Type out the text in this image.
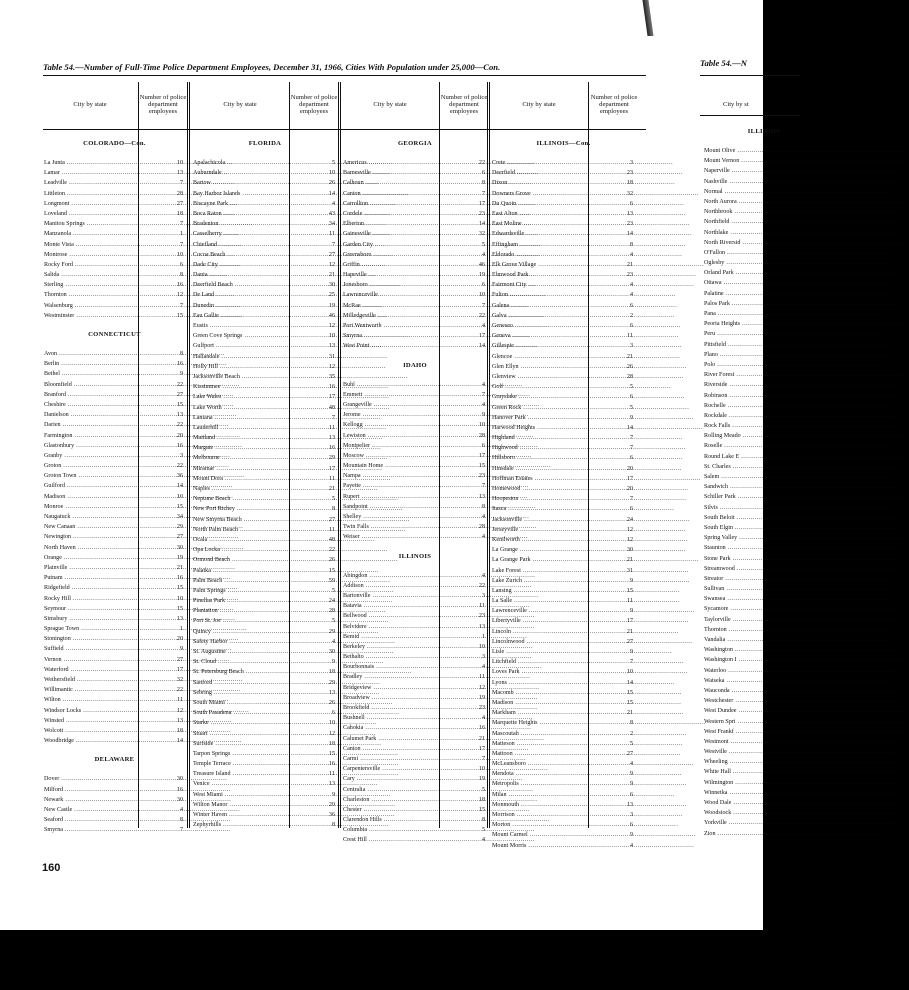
Table 54.—Number of Full-Time Police Department Employees, December 31, 1966, Cities With Population under 25,000—Con.
City by state
Number of police department employees
City by state
Number of police department employees
City by state
Number of police department employees
City by state
Number of police department employees
COLORADO—Con.
La Junta .....	10
Lamar .....	13
Leadville .....	7
Littleton .....	28
Longmont .....	27
Loveland .....	18
Manitou Springs .....	7
Manzanola .....	1
Monte Vista .....	7
Montrose .....	10
Rocky Ford .....	6
Salida .....	8
Sterling .....	16
Thornton .....	12
Walsenburg .....	7
Westminster .....	15
CONNECTICUT
Avon .....	8
Berlin .....	16
Bethel .....	9
Bloomfield .....	22
Branford .....	27
Cheshire .....	15
Danielson .....	13
Darien .....	22
Farmington .....	20
Glastonbury .....	16
Granby .....	3
Groton .....	22
Groton Town .....	36
Guilford .....	14
Madison .....	10
Monroe .....	15
Naugatuck .....	34
New Canaan .....	29
Newington .....	27
North Haven .....	30
Orange .....	19
Plainville .....	21
Putnam .....	16
Ridgefield .....	15
Rocky Hill .....	10
Seymour .....	15
Simsbury .....	13
Sprague Town .....	1
Stonington .....	20
Suffield .....	9
Vernon .....	27
Waterford .....	17
Wethersfield .....	32
Willimantic .....	22
Wilton .....	11
Windsor Locks .....	12
Winsted .....	13
Wolcott .....	18
Woodbridge .....	14
DELAWARE
Dover .....	30
Milford .....	16
Newark .....	30
New Castle .....	4
Seaford .....	8
Smyrna .....	7
FLORIDA
Apalachicola .....	5
Auburndale .....	10
Bartow .....	26
Bay Harbor Islands .....	14
Biscayne Park .....	4
Boca Raton .....	43
Bradenton .....	34
Casselberry .....	11
Chiefland .....	7
Cocoa Beach .....	27
Dade City .....	12
Dania .....	21
Deerfield Beach .....	30
De Land .....	25
Dunedin .....	19
Eau Gallie .....	46
Eustis .....	12
Green Cove Springs .....	10
Gulfport .....	13
Hallandale .....	31
Holly Hill .....	12
Jacksonville Beach .....	35
Kissimmee .....	16
Lake Wales .....	17
Lake Worth .....	48
Lantana .....	7
Lauderhill .....	11
Maitland .....	13
Margate .....	16
Melbourne .....	29
Miramar .....	17
Mount Dora .....	11
Naples .....	21
Neptune Beach .....	5
New Port Richey .....	8
New Smyrna Beach .....	27
North Palm Beach .....	11
Ocala .....	48
Opa Locka .....	22
Ormond Beach .....	26
Palatka .....	15
Palm Beach .....	59
Palm Springs .....	5
Pinellas Park .....	24
Plantation .....	28
Port St. Joe .....	5
Quincy .....	29
Safety Harbor .....	4
St. Augustine .....	30
St. Cloud .....	9
St. Petersburg Beach .....	18
Sanford .....	29
Sebring .....	13
South Miami .....	26
South Pasadena .....	6
Starke .....	10
Stuart .....	12
Surfside .....	18
Tarpon Springs .....	15
Temple Terrace .....	16
Treasure Island .....	11
Venice .....	13
West Miami .....	9
Wilton Manor .....	20
Winter Haven .....	36
Zephyrhills .....	8
GEORGIA
Americus .....	22
Barnesville .....	6
Calhoun .....	8
Canton .....	7
Carrollton .....	17
Cordele .....	23
Elberton .....	14
Gainesville .....	32
Garden City .....	5
Greensboro .....	4
Griffin .....	46
Hapeville .....	19
Jonesboro .....	6
Lawrenceville .....	10
McRae .....	7
Milledgeville .....	22
Port Wentworth .....	4
Smyrna .....	17
West Point .....	14
IDAHO
Buhl .....	4
Emmett .....	7
Grangeville .....	4
Jerome .....	9
Kellogg .....	10
Lewiston .....	28
Montpelier .....	6
Moscow .....	17
Mountain Home .....	15
Nampa .....	23
Payette .....	7
Rupert .....	13
Sandpoint .....	8
Shelley .....	4
Twin Falls .....	28
Weiser .....	4
ILLINOIS
Abingdon .....	4
Addison .....	22
Bartonville .....	3
Batavia .....	11
Bellwood .....	23
Belvidere .....	13
Bemid .....	1
Berkeley .....	10
Bethalto .....	3
Bourbonnais .....	4
Bradley .....	11
Bridgeview .....	12
Broadview .....	19
Brookfield .....	23
Bushnell .....	4
Cahokia .....	16
Calumet Park .....	21
Canton .....	17
Carmi .....	7
Carpentersville .....	10
Cary .....	19
Centralia .....	5
Charleston .....	18
Chester .....	15
Clarendon Hills .....	8
Columbia .....	5
Crest Hill .....	4
ILLINOIS—Con.
Crete .....	3
Deerfield .....	23
Dixon .....	18
Downers Grove .....	32
Du Quoin .....	6
East Alton .....	13
East Moline .....	23
Edwardsville .....	14
Effingham .....	8
Eldorado .....	4
Elk Grove Village .....	21
Elmwood Park .....	23
Fairmont City .....	4
Fulton .....	4
Galena .....	6
Galva .....	2
Geneseo .....	6
Geneva .....	11
Gillespie .....	3
Glencoe .....	21
Glen Ellyn .....	26
Glenview .....	28
Golf .....	5
Grayslake .....	6
Green Rock .....	5
Hanover Park .....	9
Harwood Heights .....	14
Highland .....	7
Highwood .....	7
Hillsboro .....	6
Hinsdale .....	20
Hoffman Estates .....	17
Homewood .....	20
Hoopeston .....	7
Itasca .....	6
Jacksonville .....	24
Jerseyville .....	12
Kenilworth .....	12
La Grange .....	30
La Grange Park .....	21
Lake Forest .....	31
Lake Zurich .....	9
Lansing .....	15
La Salle .....	11
Lawrenceville .....	9
Libertyville .....	17
Lincoln .....	21
Lincolnwood .....	27
Lisle .....	9
Litchfield .....	7
Loves Park .....	10
Lyons .....	14
Macomb .....	15
Madison .....	15
Markham .....	21
Marquette Heights .....	8
Mascoutah .....	2
Matteson .....	5
Mattoon .....	27
McLeansboro .....	4
Mendota .....	9
Metropolis .....	9
Milan .....	6
Monmouth .....	13
Morrison .....	3
Morton .....	6
Mount Carmel .....	9
Mount Morris .....	4
160
Table 54.—N
City by st
ILLINOIS
Mount Olive .....
Mount Vernon .....
Naperville .....
Nashville .....
Normal .....
North Aurora .....
Northbrook .....
Northfield .....
Northlake .....
North Riversid .....
O'Fallon .....
Oglesby .....
Orland Park .....
Ottawa .....
Palatine .....
Palos Park .....
Pana .....
Peoria Heights .....
Peru .....
Pittsfield .....
Plano .....
Polo .....
River Forest .....
Riverside .....
Robinson .....
Rochelle .....
Rockdale .....
Rock Falls .....
Rolling Meado .....
Roselle .....
Round Lake E .....
St. Charles .....
Salem .....
Sandwich .....
Schiller Park .....
Silvis .....
South Beloit .....
South Elgin .....
Spring Valley .....
Staunton .....
Stone Park .....
Streamwood .....
Streator .....
Sullivan .....
Swansea .....
Sycamore .....
Taylorville .....
Thornton .....
Vandalia .....
Washington .....
Washington I .....
Waterloo .....
Watseka .....
Wauconda .....
Westchester .....
West Dundee .....
Western Spri .....
West Frankf .....
Westmont .....
Westville .....
Wheeling .....
White Hall .....
Wilmington .....
Winnetka .....
Wood Dale .....
Woodstock .....
Yorkville .....
Zion .....
